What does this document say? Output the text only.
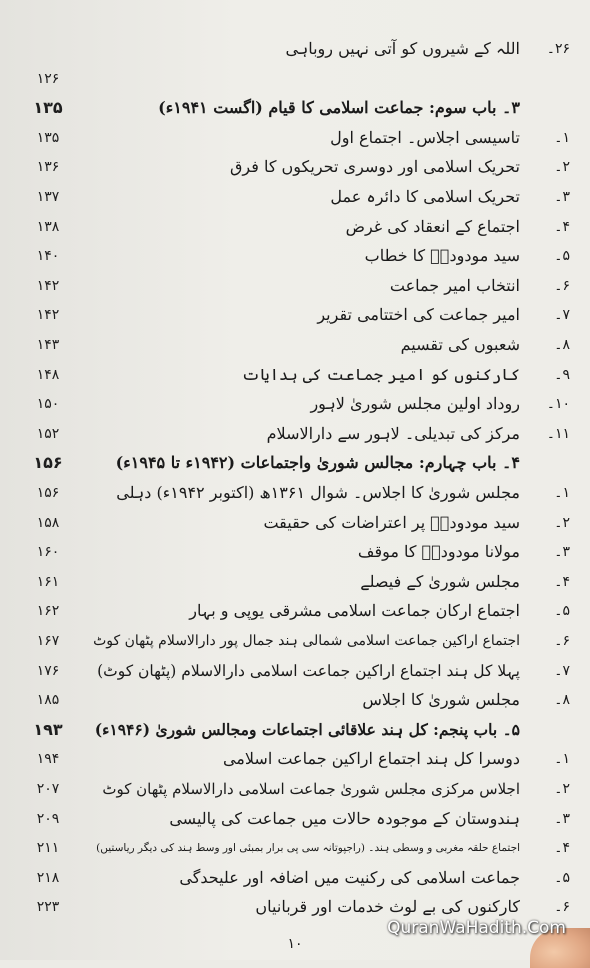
اللہ کے شیروں کو آتی نہیں روباہی	۲۶۔
۱۲۶
۱۳۵	۳۔ باب سوم: جماعت اسلامی کا قیام (اگست ۱۹۴۱ء)
۱۳۵	تاسیسی اجلاس۔ اجتماع اول	۱۔
۱۳۶	تحریک اسلامی اور دوسری تحریکوں کا فرق	۲۔
۱۳۷	تحریک اسلامی کا دائرہ عمل	۳۔
۱۳۸	اجتماع کے انعقاد کی غرض	۴۔
۱۴۰	سید مودودیؒ کا خطاب	۵۔
۱۴۲	انتخاب امیر جماعت	۶۔
۱۴۲	امیر جماعت کی اختتامی تقریر	۷۔
۱۴۳	شعبوں کی تقسیم	۸۔
۱۴۸	کارکنوں کو امیر جماعت کی ہدایات	۹۔
۱۵۰	روداد اولین مجلس شوریٰ لاہور	۱۰۔
۱۵۲	مرکز کی تبدیلی۔ لاہور سے دارالاسلام	۱۱۔
۱۵۶	۴۔ باب چہارم: مجالس شوریٰ واجتماعات (۱۹۴۲ء تا ۱۹۴۵ء)
۱۵۶	مجلس شوریٰ کا اجلاس۔ شوال ۱۳۶۱ھ (اکتوبر ۱۹۴۲ء) دہلی	۱۔
۱۵۸	سید مودودیؒ پر اعتراضات کی حقیقت	۲۔
۱۶۰	مولانا مودودیؒ کا موقف	۳۔
۱۶۱	مجلس شوریٰ کے فیصلے	۴۔
۱۶۲	اجتماع ارکان جماعت اسلامی مشرقی یوپی و بہار	۵۔
۱۶۷	اجتماع اراکین جماعت اسلامی شمالی ہند جمال پور دارالاسلام پٹھان کوٹ	۶۔
۱۷۶	پہلا کل ہند اجتماع اراکین جماعت اسلامی دارالاسلام (پٹھان کوٹ)	۷۔
۱۸۵	مجلس شوریٰ کا اجلاس	۸۔
۱۹۳	۵۔ باب پنجم: کل ہند علاقائی اجتماعات ومجالس شوریٰ (۱۹۴۶ء)
۱۹۴	دوسرا کل ہند اجتماع اراکین جماعت اسلامی	۱۔
۲۰۷	اجلاس مرکزی مجلس شوریٰ جماعت اسلامی دارالاسلام پٹھان کوٹ	۲۔
۲۰۹	ہندوستان کے موجودہ حالات میں جماعت کی پالیسی	۳۔
۲۱۱	اجتماع حلقہ مغربی و وسطی ہند۔ (راجپوتانہ سی پی برار بمبئی اور وسط ہند کی دیگر ریاستیں)	۴۔
۲۱۸	جماعت اسلامی کی رکنیت میں اضافہ اور علیحدگی	۵۔
۲۲۳	کارکنوں کی بے لوث خدمات اور قربانیاں	۶۔
۱۰
QuranWaHadith.Com
